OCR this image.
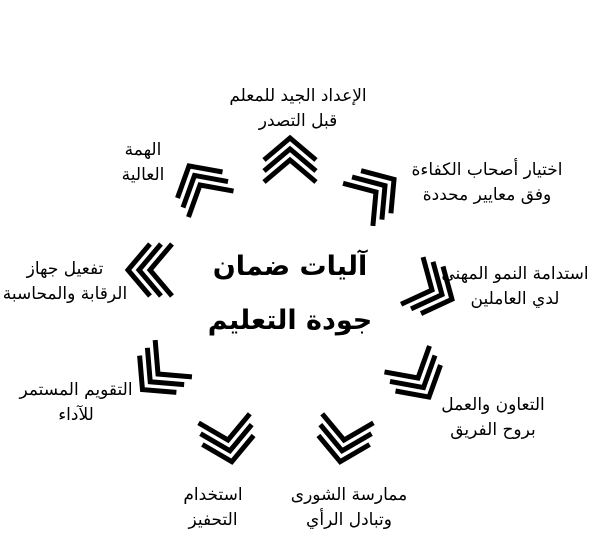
آليات ضمان
جودة التعليم
الإعداد الجيد للمعلم
قبل التصدر
اختيار أصحاب الكفاءة
وفق معايير محددة
استدامة النمو المهني
لدي العاملين
التعاون والعمل
بروح الفريق
ممارسة الشورى
وتبادل الرأي
استخدام
التحفيز
التقويم المستمر
للآداء
تفعيل جهاز
الرقابة والمحاسبة
الهمة
العالية
